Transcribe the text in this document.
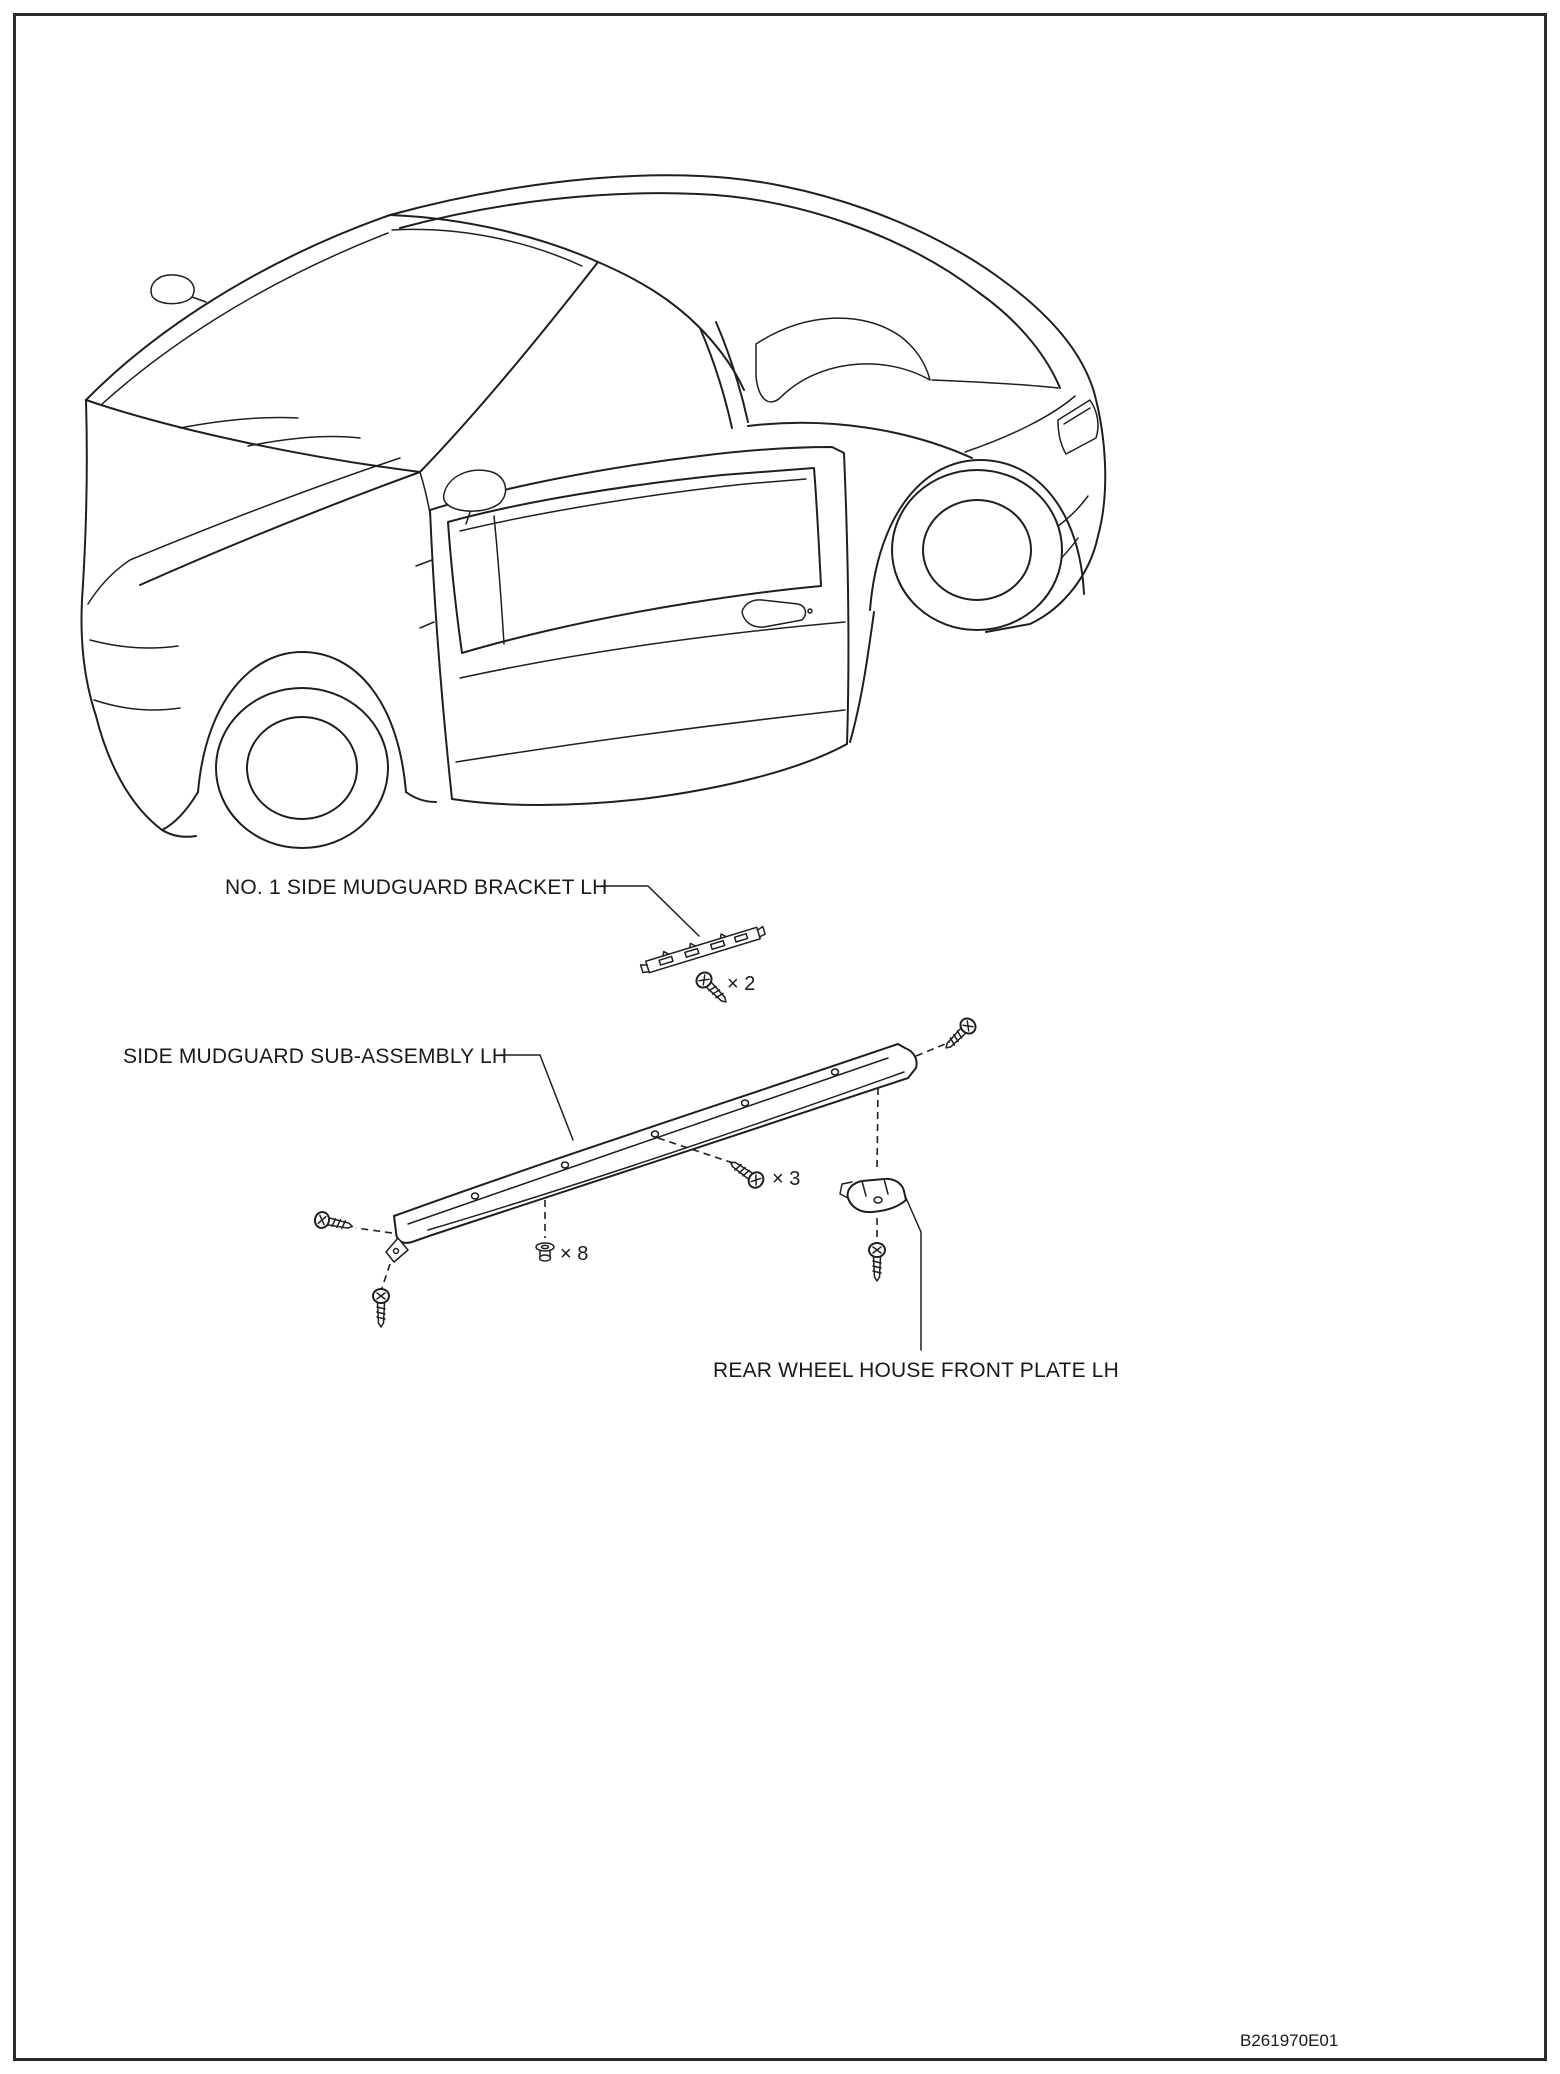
NO. 1 SIDE MUDGUARD BRACKET LH
SIDE MUDGUARD SUB-ASSEMBLY LH
REAR WHEEL HOUSE FRONT PLATE LH
× 2
× 3
× 8
B261970E01
